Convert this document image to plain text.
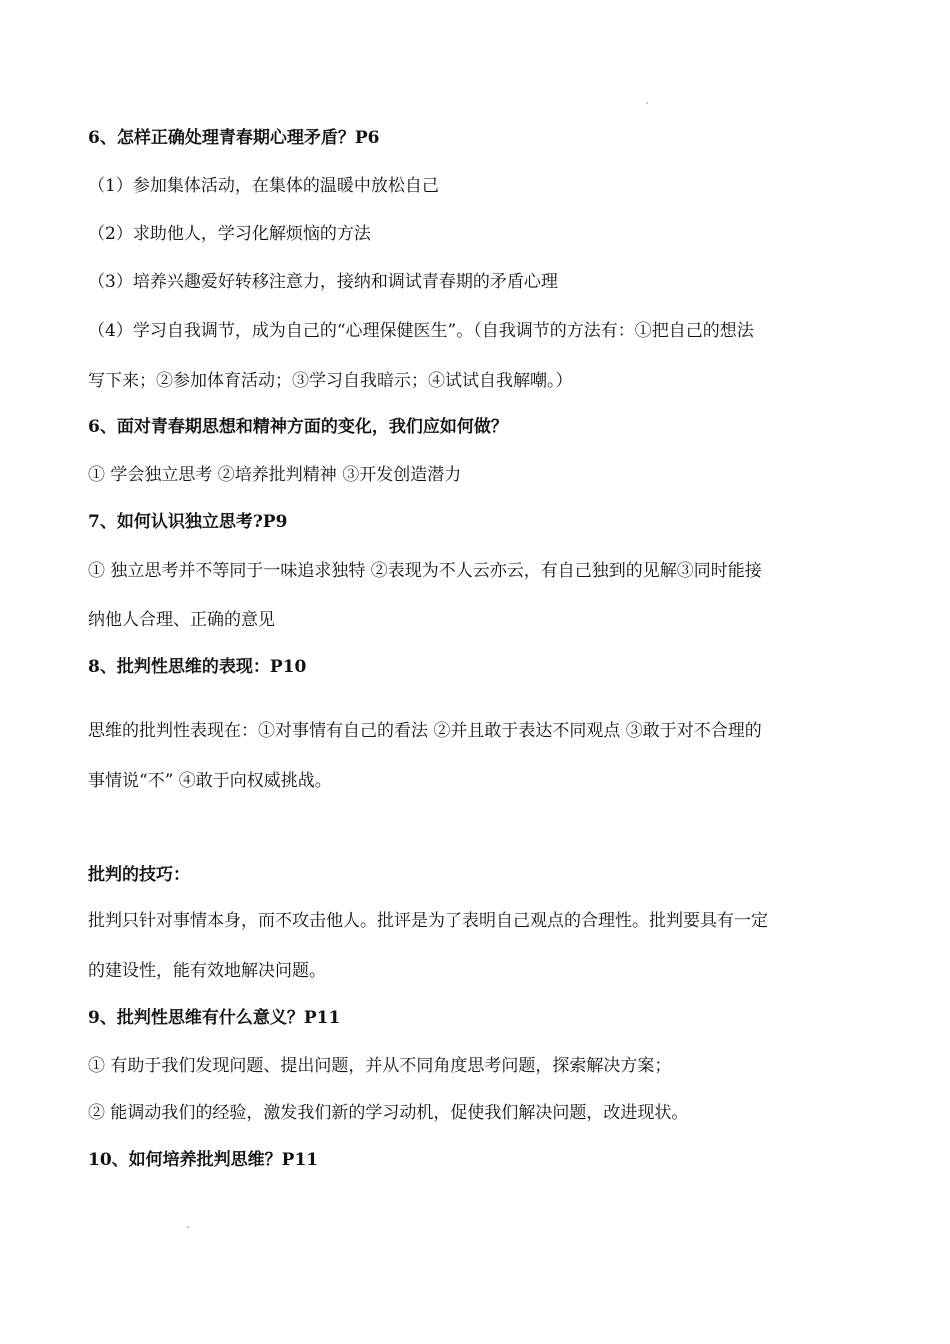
6、怎样正确处理青春期心理矛盾？P6
（1）参加集体活动，在集体的温暖中放松自己
（2）求助他人，学习化解烦恼的方法
（3）培养兴趣爱好转移注意力，接纳和调试青春期的矛盾心理
（4）学习自我调节，成为自己的“心理保健医生”。（自我调节的方法有：①把自己的想法
写下来；②参加体育活动；③学习自我暗示；④试试自我解嘲。）
6、面对青春期思想和精神方面的变化，我们应如何做？
① 学会独立思考 ②培养批判精神 ③开发创造潜力
7、如何认识独立思考?P9
① 独立思考并不等同于一味追求独特 ②表现为不人云亦云，有自己独到的见解③同时能接
纳他人合理、正确的意见
8、批判性思维的表现：P10
思维的批判性表现在：①对事情有自己的看法 ②并且敢于表达不同观点 ③敢于对不合理的
事情说“不” ④敢于向权威挑战。
批判的技巧：
批判只针对事情本身，而不攻击他人。批评是为了表明自己观点的合理性。批判要具有一定
的建设性，能有效地解决问题。
9、批判性思维有什么意义？P11
① 有助于我们发现问题、提出问题，并从不同角度思考问题，探索解决方案；
② 能调动我们的经验，激发我们新的学习动机，促使我们解决问题，改进现状。
10、如何培养批判思维？P11
